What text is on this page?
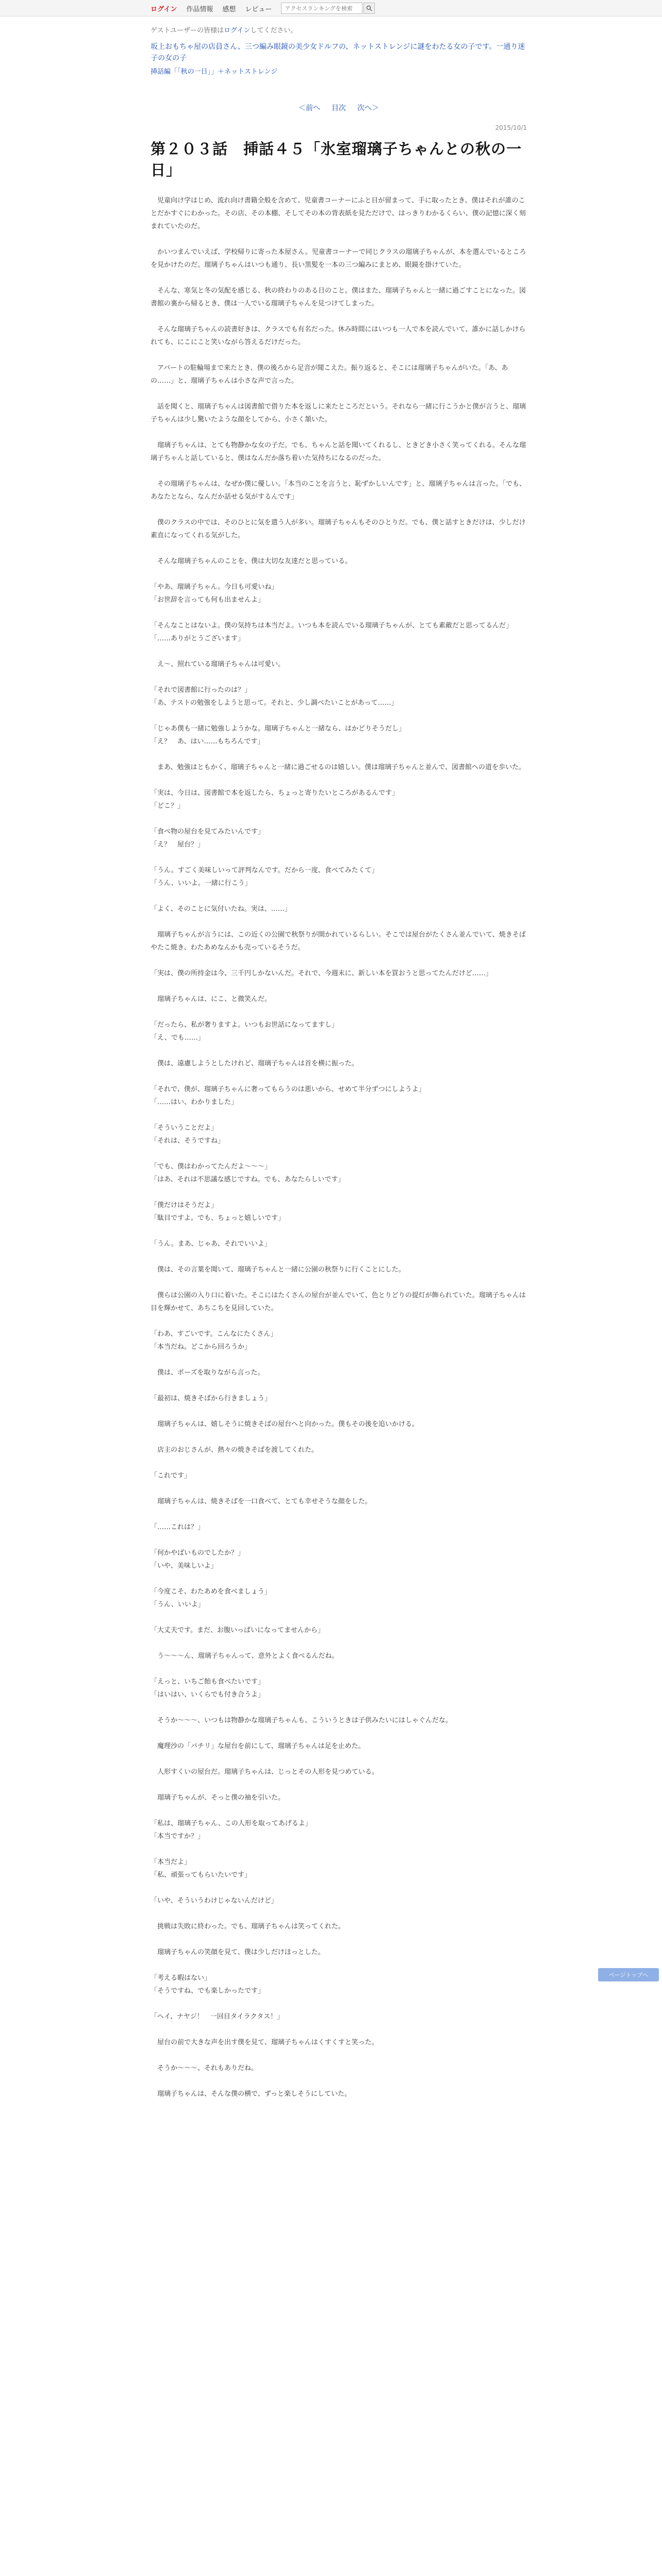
ログイン 作品情報 感想 レビュー
アクセスランキングを検索
ゲストユーザーの皆様はログインしてください。
坂上おもちゃ屋の店員さん、三つ編み眼鏡の美少女ドルフの、ネットストレンジに謎をわたる女の子です。一通り迷子の女の子
挿話編「「秋の一日」」＋ネットストレンジ
＜前へ 目次 次へ＞
2015/10/1
第２０３話　挿話４５「氷室瑠璃子ちゃんとの秋の一日」

　児童向け学はじめ、流れ向け書籍全般を含めて、児童書コーナーにふと目が留まって、手に取ったとき、僕はそれが誰のことだかすぐにわかった。その店、その本棚、そしてその本の背表紙を見ただけで、はっきりわかるくらい、僕の記憶に深く刻まれていたのだ。

　かいつまんでいえば、学校帰りに寄った本屋さん。児童書コーナーで同じクラスの瑠璃子ちゃんが、本を選んでいるところを見かけたのだ。瑠璃子ちゃんはいつも通り、長い黒髪を一本の三つ編みにまとめ、眼鏡を掛けていた。

　そんな、寒気と冬の気配を感じる、秋の終わりのある日のこと。僕はまた、瑠璃子ちゃんと一緒に過ごすことになった。図書館の裏から帰るとき、僕は一人でいる瑠璃子ちゃんを見つけてしまった。

　そんな瑠璃子ちゃんの読書好きは、クラスでも有名だった。休み時間にはいつも一人で本を読んでいて、誰かに話しかけられても、にこにこと笑いながら答えるだけだった。

　アパートの駐輪場まで来たとき、僕の後ろから足音が聞こえた。振り返ると、そこには瑠璃子ちゃんがいた。「あ、あの……」と、瑠璃子ちゃんは小さな声で言った。

　話を聞くと、瑠璃子ちゃんは図書館で借りた本を返しに来たところだという。それなら一緒に行こうかと僕が言うと、瑠璃子ちゃんは少し驚いたような顔をしてから、小さく頷いた。

　瑠璃子ちゃんは、とても物静かな女の子だ。でも、ちゃんと話を聞いてくれるし、ときどき小さく笑ってくれる。そんな瑠璃子ちゃんと話していると、僕はなんだか落ち着いた気持ちになるのだった。

　その瑠璃子ちゃんは、なぜか僕に優しい。「本当のことを言うと、恥ずかしいんです」と、瑠璃子ちゃんは言った。「でも、あなたとなら、なんだか話せる気がするんです」

　僕のクラスの中では、そのひとに気を遣う人が多い。瑠璃子ちゃんもそのひとりだ。でも、僕と話すときだけは、少しだけ素直になってくれる気がした。

　そんな瑠璃子ちゃんのことを、僕は大切な友達だと思っている。

「やあ、瑠璃子ちゃん。今日も可愛いね」
「お世辞を言っても何も出ませんよ」

「そんなことはないよ。僕の気持ちは本当だよ。いつも本を読んでいる瑠璃子ちゃんが、とても素敵だと思ってるんだ」
「……ありがとうございます」

　え〜、照れている瑠璃子ちゃんは可愛い。

「それで図書館に行ったのは？」
「あ、テストの勉強をしようと思って。それと、少し調べたいことがあって……」

「じゃあ僕も一緒に勉強しようかな。瑠璃子ちゃんと一緒なら、はかどりそうだし」
「え？　あ、はい……もちろんです」

　まあ、勉強はともかく、瑠璃子ちゃんと一緒に過ごせるのは嬉しい。僕は瑠璃子ちゃんと並んで、図書館への道を歩いた。

「実は、今日は、図書館で本を返したら、ちょっと寄りたいところがあるんです」
「どこ？」

「食べ物の屋台を見てみたいんです」
「え？　屋台？」

「うん。すごく美味しいって評判なんです。だから一度、食べてみたくて」
「うん、いいよ。一緒に行こう」

「よく、そのことに気付いたね。実は、……」

　瑠璃子ちゃんが言うには、この近くの公園で秋祭りが開かれているらしい。そこでは屋台がたくさん並んでいて、焼きそばやたこ焼き、わたあめなんかも売っているそうだ。

「実は、僕の所持金は今、三千円しかないんだ。それで、今週末に、新しい本を買おうと思ってたんだけど……」

　瑠璃子ちゃんは、にこ、と微笑んだ。

「だったら、私が奢りますよ。いつもお世話になってますし」
「え、でも……」

　僕は、遠慮しようとしたけれど、瑠璃子ちゃんは首を横に振った。

「それで、僕が、瑠璃子ちゃんに奢ってもらうのは悪いから、せめて半分ずつにしようよ」
「……はい、わかりました」

「そういうことだよ」
「それは、そうですね」

「でも、僕はわかってたんだよ〜〜〜」
「はあ、それは不思議な感じですね。でも、あなたらしいです」

「僕だけはそうだよ」
「駄目ですよ。でも、ちょっと嬉しいです」

「うん。まあ、じゃあ、それでいいよ」

　僕は、その言葉を聞いて、瑠璃子ちゃんと一緒に公園の秋祭りに行くことにした。

　僕らは公園の入り口に着いた。そこにはたくさんの屋台が並んでいて、色とりどりの提灯が飾られていた。瑠璃子ちゃんは目を輝かせて、あちこちを見回していた。

「わあ、すごいです。こんなにたくさん」
「本当だね。どこから回ろうか」

　僕は、ポーズを取りながら言った。

「最初は、焼きそばから行きましょう」

　瑠璃子ちゃんは、嬉しそうに焼きそばの屋台へと向かった。僕もその後を追いかける。

　店主のおじさんが、熱々の焼きそばを渡してくれた。

「これです」

　瑠璃子ちゃんは、焼きそばを一口食べて、とても幸せそうな顔をした。

「……これは？」

「何かやばいものでしたか？」
「いや、美味しいよ」

「今度こそ、わたあめを食べましょう」
「うん、いいよ」

「大丈夫です。まだ、お腹いっぱいになってませんから」

　う〜〜〜ん、瑠璃子ちゃんって、意外とよく食べるんだね。

「えっと、いちご飴も食べたいです」
「はいはい、いくらでも付き合うよ」

　そうか〜〜〜、いつもは物静かな瑠璃子ちゃんも、こういうときは子供みたいにはしゃぐんだな。

　魔理沙の「パチリ」な屋台を前にして、瑠璃子ちゃんは足を止めた。

　人形すくいの屋台だ。瑠璃子ちゃんは、じっとその人形を見つめている。

　瑠璃子ちゃんが、そっと僕の袖を引いた。

「私は、瑠璃子ちゃん、この人形を取ってあげるよ」
「本当ですか？」

「本当だよ」
「私、頑張ってもらいたいです」

「いや、そういうわけじゃないんだけど」

　挑戦は失敗に終わった。でも、瑠璃子ちゃんは笑ってくれた。

　瑠璃子ちゃんの笑顔を見て、僕は少しだけほっとした。

「考える暇はない」
「そうですね、でも楽しかったです」

「ヘイ、ナヤジ！　一回目タイラクタス！」

　屋台の前で大きな声を出す僕を見て、瑠璃子ちゃんはくすくすと笑った。

　そうか〜〜〜、それもありだね。

　瑠璃子ちゃんは、そんな僕の横で、ずっと楽しそうにしていた。

ページトップへ
